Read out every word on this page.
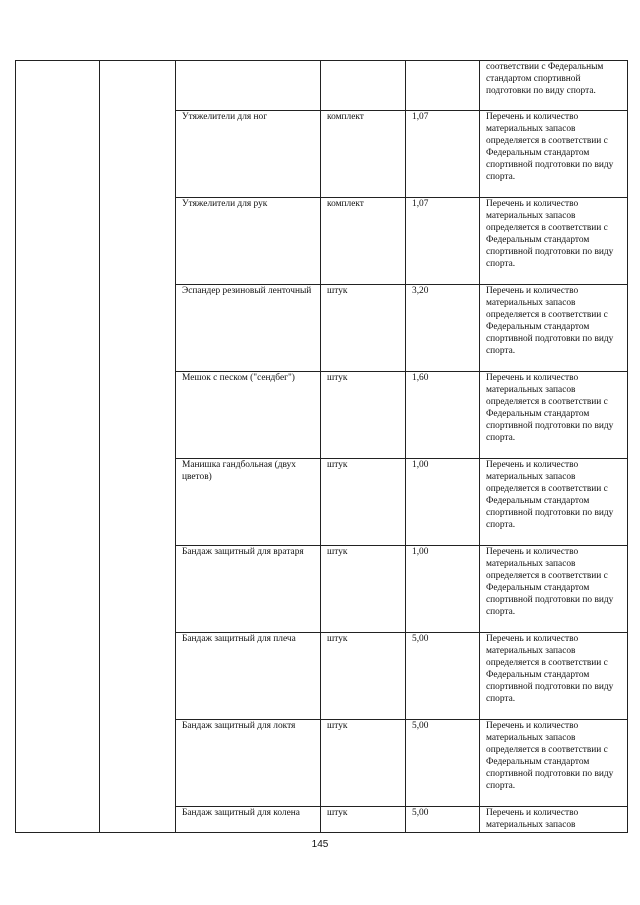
					соответствии с Федеральным стандартом спортивной подготовки по виду спорта.
		Утяжелители для ног	комплект	1,07	Перечень и количество материальных запасов определяется в соответствии с Федеральным стандартом спортивной подготовки по виду спорта.
		Утяжелители для рук	комплект	1,07	Перечень и количество материальных запасов определяется в соответствии с Федеральным стандартом спортивной подготовки по виду спорта.
		Эспандер резиновый ленточный	штук	3,20	Перечень и количество материальных запасов определяется в соответствии с Федеральным стандартом спортивной подготовки по виду спорта.
		Мешок с песком ("сендбег")	штук	1,60	Перечень и количество материальных запасов определяется в соответствии с Федеральным стандартом спортивной подготовки по виду спорта.
		Манишка гандбольная (двух цветов)	штук	1,00	Перечень и количество материальных запасов определяется в соответствии с Федеральным стандартом спортивной подготовки по виду спорта.
		Бандаж защитный для вратаря	штук	1,00	Перечень и количество материальных запасов определяется в соответствии с Федеральным стандартом спортивной подготовки по виду спорта.
		Бандаж защитный для плеча	штук	5,00	Перечень и количество материальных запасов определяется в соответствии с Федеральным стандартом спортивной подготовки по виду спорта.
		Бандаж защитный для локтя	штук	5,00	Перечень и количество материальных запасов определяется в соответствии с Федеральным стандартом спортивной подготовки по виду спорта.
		Бандаж защитный для колена	штук	5,00	Перечень и количество материальных запасов
145
